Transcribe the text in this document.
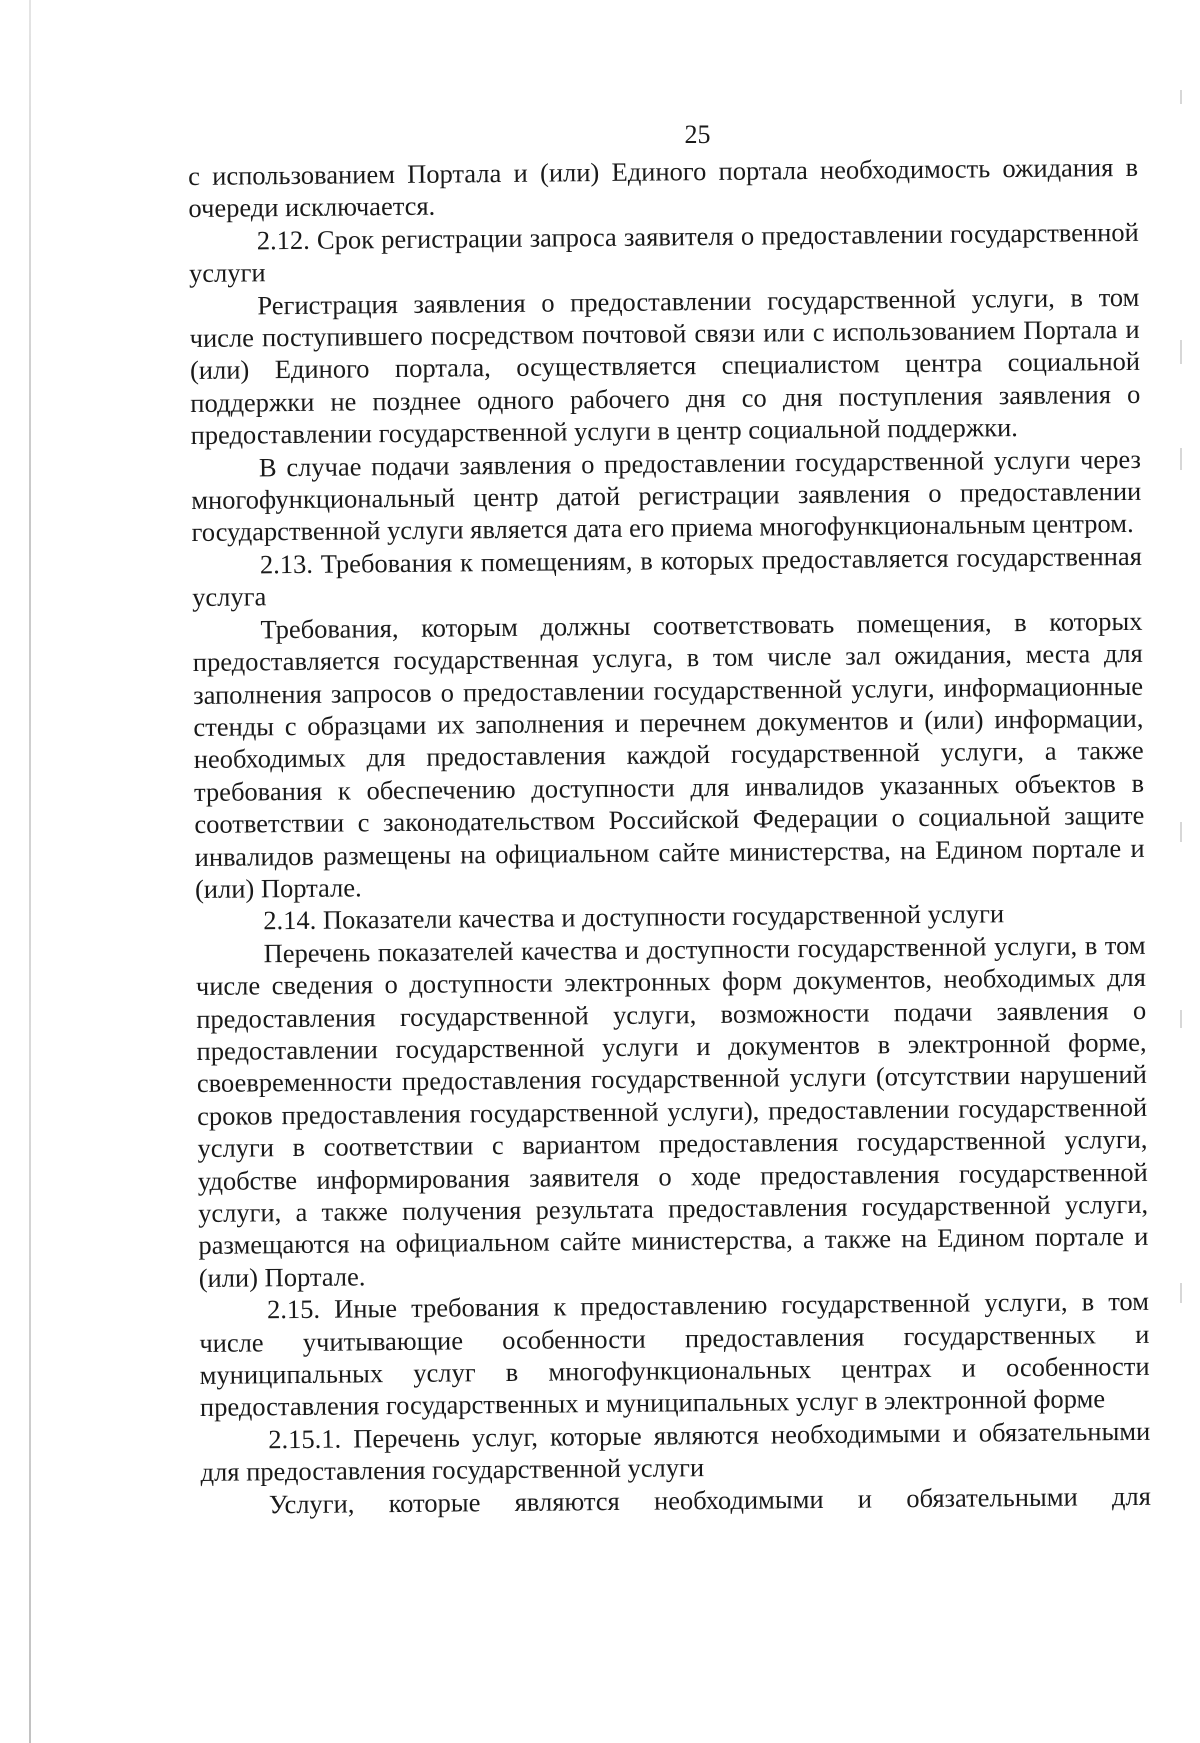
25

с использованием Портала и (или) Единого портала необходимость ожидания в очереди исключается.

2.12. Срок регистрации запроса заявителя о предоставлении государственной услуги

Регистрация заявления о предоставлении государственной услуги, в том числе поступившего посредством почтовой связи или с использованием Портала и (или) Единого портала, осуществляется специалистом центра социальной поддержки не позднее одного рабочего дня со дня поступления заявления о предоставлении государственной услуги в центр социальной поддержки.

В случае подачи заявления о предоставлении государственной услуги через многофункциональный центр датой регистрации заявления о предоставлении государственной услуги является дата его приема многофункциональным центром.

2.13. Требования к помещениям, в которых предоставляется государственная услуга

Требования, которым должны соответствовать помещения, в которых предоставляется государственная услуга, в том числе зал ожидания, места для заполнения запросов о предоставлении государственной услуги, информационные стенды с образцами их заполнения и перечнем документов и (или) информации, необходимых для предоставления каждой государственной услуги, а также требования к обеспечению доступности для инвалидов указанных объектов в соответствии с законодательством Российской Федерации о социальной защите инвалидов размещены на официальном сайте министерства, на Едином портале и (или) Портале.

2.14. Показатели качества и доступности государственной услуги

Перечень показателей качества и доступности государственной услуги, в том числе сведения о доступности электронных форм документов, необходимых для предоставления государственной услуги, возможности подачи заявления о предоставлении государственной услуги и документов в электронной форме, своевременности предоставления государственной услуги (отсутствии нарушений сроков предоставления государственной услуги), предоставлении государственной услуги в соответствии с вариантом предоставления государственной услуги, удобстве информирования заявителя о ходе предоставления государственной услуги, а также получения результата предоставления государственной услуги, размещаются на официальном сайте министерства, а также на Едином портале и (или) Портале.

2.15. Иные требования к предоставлению государственной услуги, в том числе учитывающие особенности предоставления государственных и муниципальных услуг в многофункциональных центрах и особенности предоставления государственных и муниципальных услуг в электронной форме

2.15.1. Перечень услуг, которые являются необходимыми и обязательными для предоставления государственной услуги

Услуги, которые являются необходимыми и обязательными для
